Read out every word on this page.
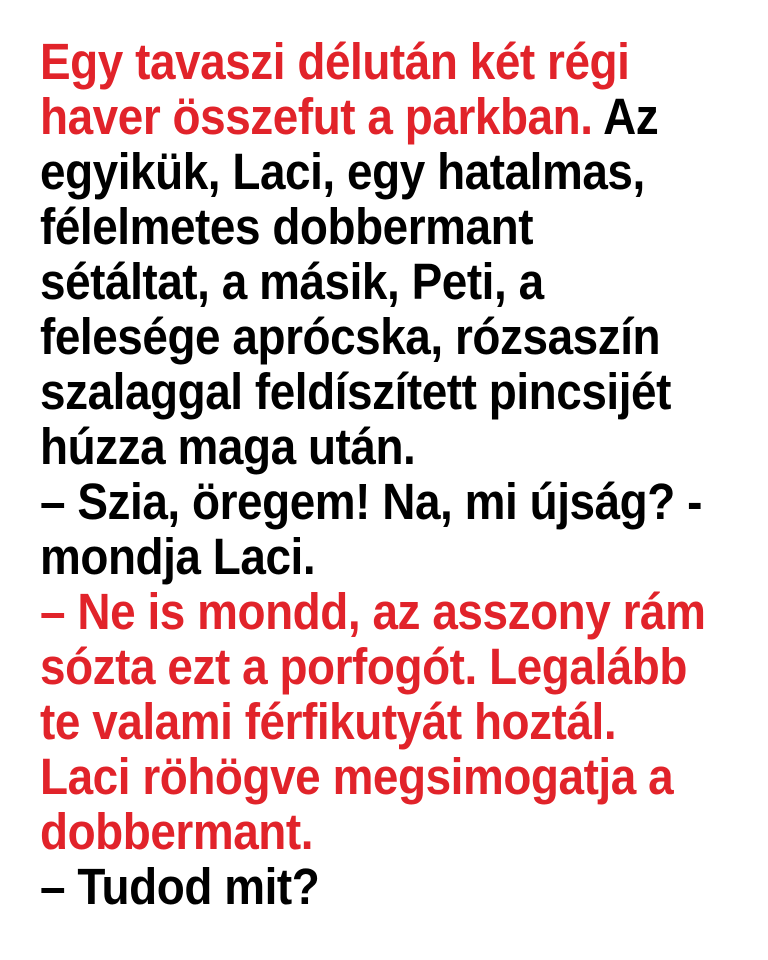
Egy tavaszi délután két régi
haver összefut a parkban. Az
egyikük, Laci, egy hatalmas,
félelmetes dobbermant
sétáltat, a másik, Peti, a
felesége aprócska, rózsaszín
szalaggal feldíszített pincsijét
húzza maga után.
– Szia, öregem! Na, mi újság? -
mondja Laci.
– Ne is mondd, az asszony rám
sózta ezt a porfogót. Legalább
te valami férfikutyát hoztál.
Laci röhögve megsimogatja a
dobbermant.
– Tudod mit?
